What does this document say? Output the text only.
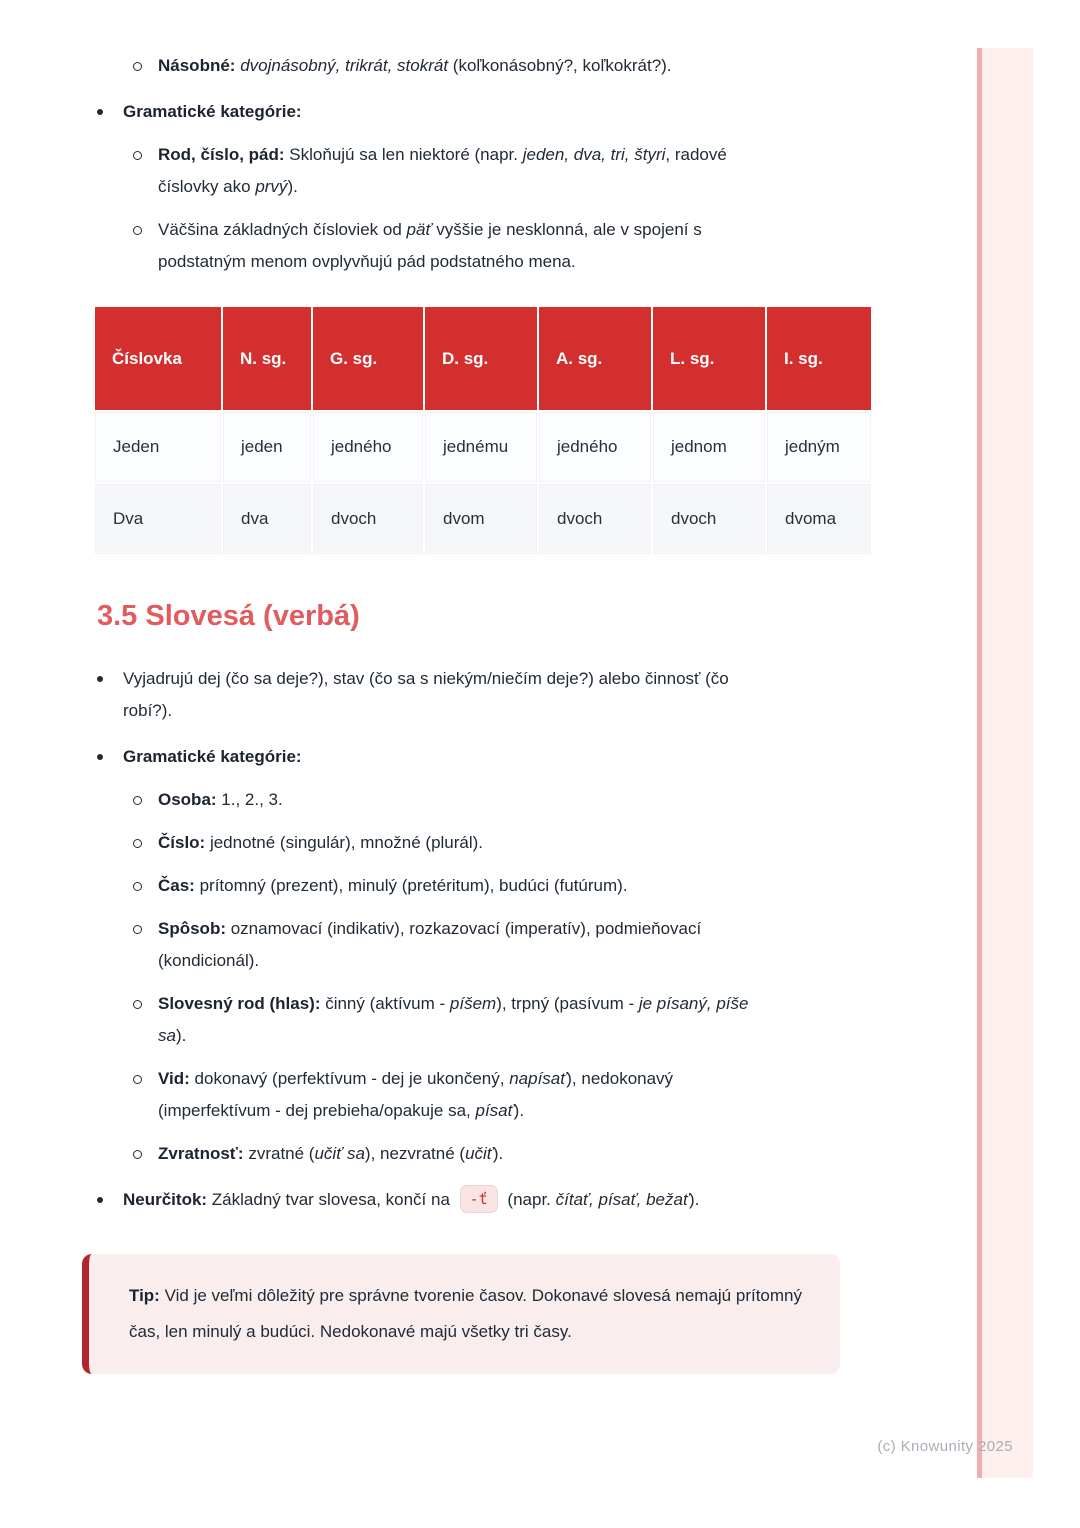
Násobné: dvojnásobný, trikrát, stokrát (koľkonásobný?, koľkokrát?).
Gramatické kategórie:
Rod, číslo, pád: Skloňujú sa len niektoré (napr. jeden, dva, tri, štyri, radové číslovky ako prvý).
Väčšina základných čísloviek od päť vyššie je nesklonná, ale v spojení s podstatným menom ovplyvňujú pád podstatného mena.
Číslovka	N. sg.	G. sg.	D. sg.	A. sg.	L. sg.	I. sg.
Jeden	jeden	jedného	jednému	jedného	jednom	jedným
Dva	dva	dvoch	dvom	dvoch	dvoch	dvoma
3.5 Slovesá (verbá)
Vyjadrujú dej (čo sa deje?), stav (čo sa s niekým/niečím deje?) alebo činnosť (čo robí?).
Gramatické kategórie:
Osoba: 1., 2., 3.
Číslo: jednotné (singulár), množné (plurál).
Čas: prítomný (prezent), minulý (pretéritum), budúci (futúrum).
Spôsob: oznamovací (indikativ), rozkazovací (imperatív), podmieňovací (kondicionál).
Slovesný rod (hlas): činný (aktívum - píšem), trpný (pasívum - je písaný, píše sa).
Vid: dokonavý (perfektívum - dej je ukončený, napísať), nedokonavý (imperfektívum - dej prebieha/opakuje sa, písať).
Zvratnosť: zvratné (učiť sa), nezvratné (učiť).
Neurčitok: Základný tvar slovesa, končí na -ť (napr. čítať, písať, bežať).
Tip: Vid je veľmi dôležitý pre správne tvorenie časov. Dokonavé slovesá nemajú prítomný čas, len minulý a budúci. Nedokonavé majú všetky tri časy.
(c) Knowunity 2025
